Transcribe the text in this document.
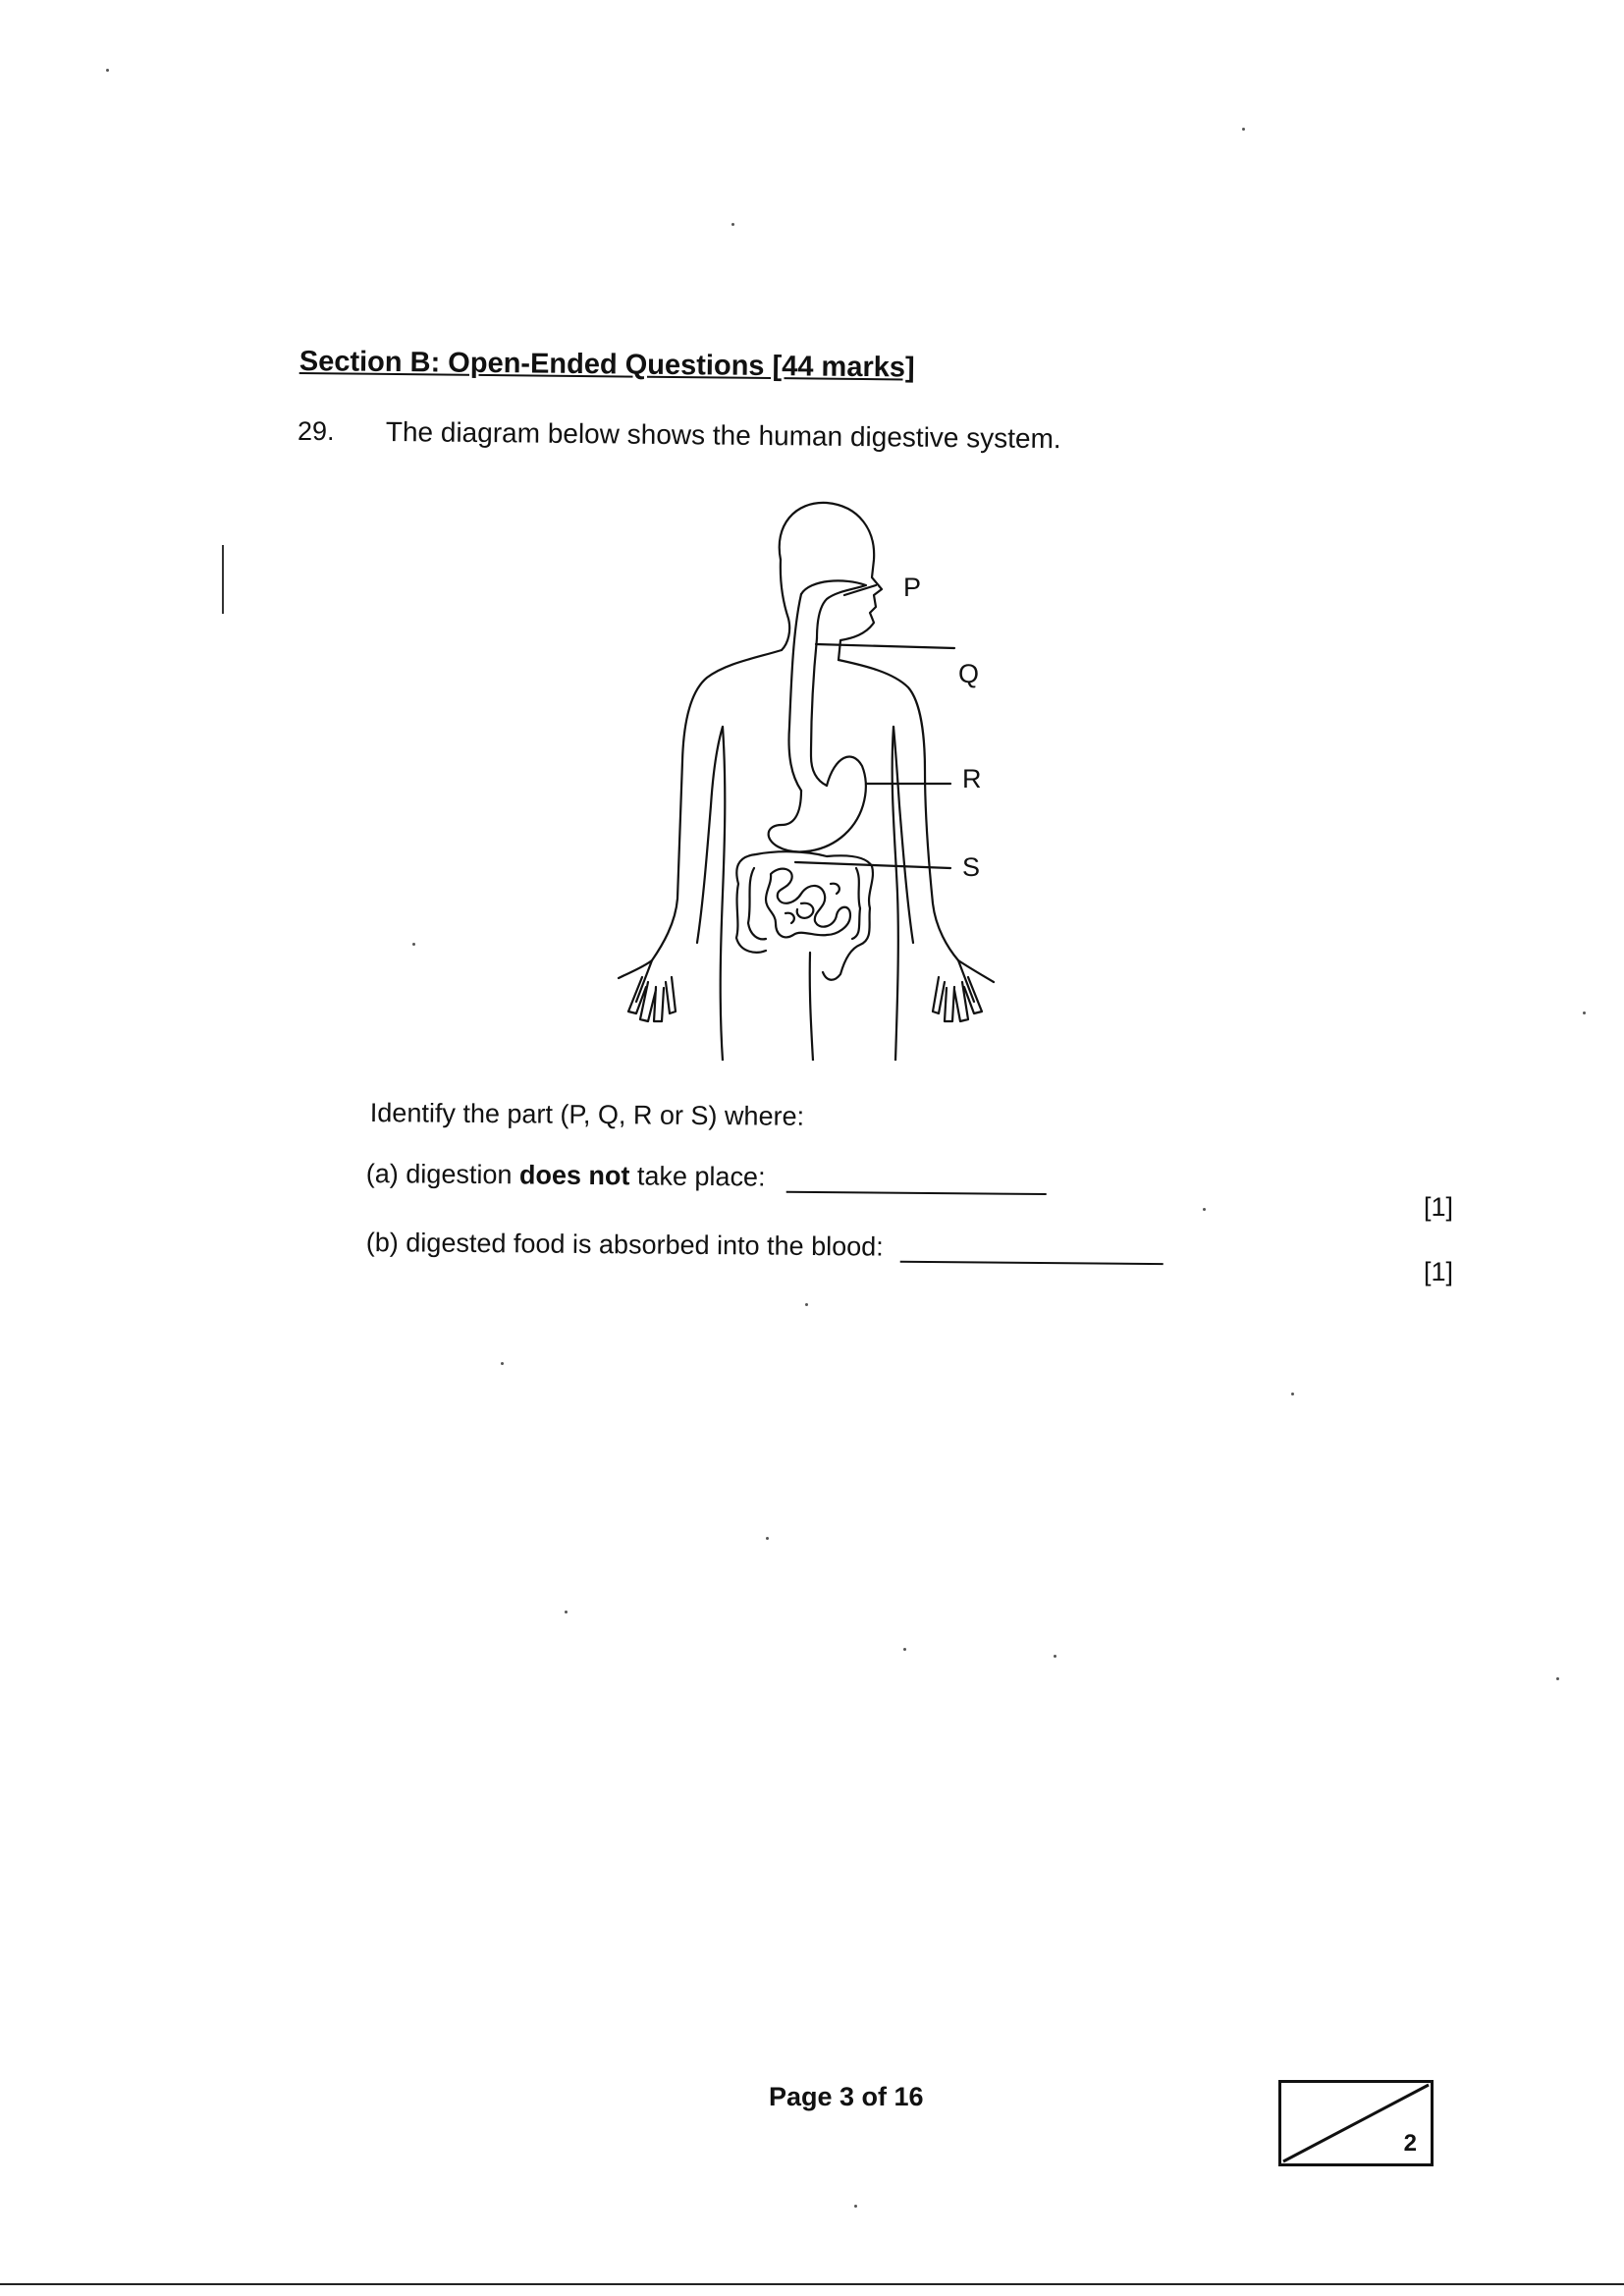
Section B: Open-Ended Questions [44 marks]
29. The diagram below shows the human digestive system.
P
Q
R
S
Identify the part (P, Q, R or S) where:
(a) digestion does not take place:
[1]
(b) digested food is absorbed into the blood:
[1]
Page 3 of 16
2
